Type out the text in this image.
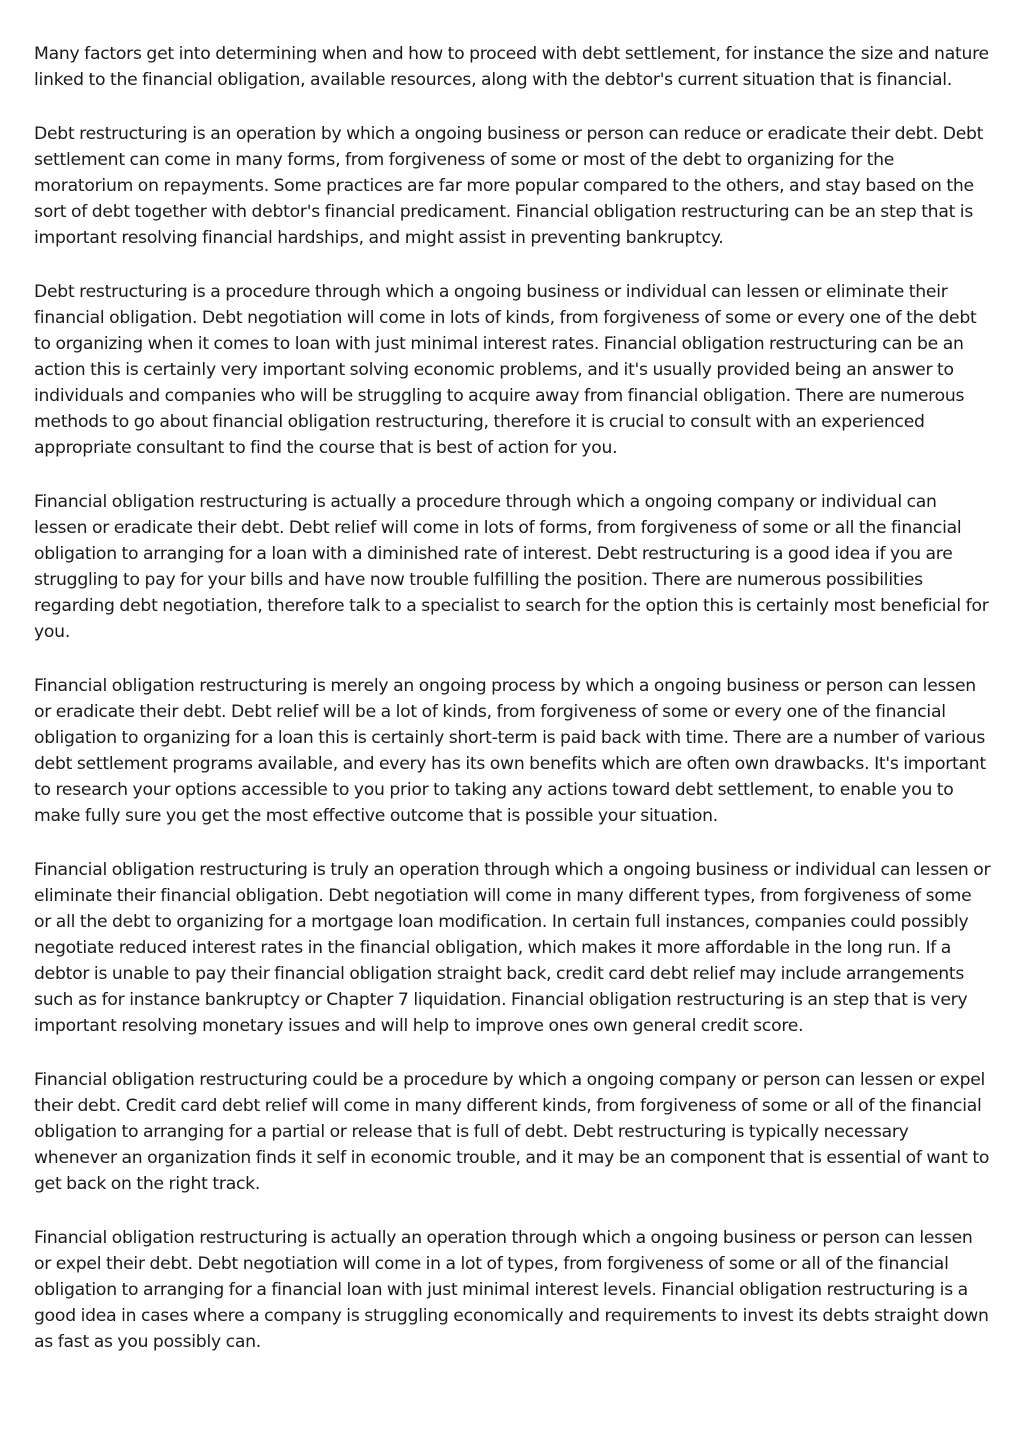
Many factors get into determining when and how to proceed with debt settlement, for instance the size and nature linked to the financial obligation, available resources, along with the debtor's current situation that is financial.

Debt restructuring is an operation by which a ongoing business or person can reduce or eradicate their debt. Debt settlement can come in many forms, from forgiveness of some or most of the debt to organizing for the moratorium on repayments. Some practices are far more popular compared to the others, and stay based on the sort of debt together with debtor's financial predicament. Financial obligation restructuring can be an step that is important resolving financial hardships, and might assist in preventing bankruptcy.

Debt restructuring is a procedure through which a ongoing business or individual can lessen or eliminate their financial obligation. Debt negotiation will come in lots of kinds, from forgiveness of some or every one of the debt to organizing when it comes to loan with just minimal interest rates. Financial obligation restructuring can be an action this is certainly very important solving economic problems, and it's usually provided being an answer to individuals and companies who will be struggling to acquire away from financial obligation. There are numerous methods to go about financial obligation restructuring, therefore it is crucial to consult with an experienced appropriate consultant to find the course that is best of action for you.

Financial obligation restructuring is actually a procedure through which a ongoing company or individual can lessen or eradicate their debt. Debt relief will come in lots of forms, from forgiveness of some or all the financial obligation to arranging for a loan with a diminished rate of interest. Debt restructuring is a good idea if you are struggling to pay for your bills and have now trouble fulfilling the position. There are numerous possibilities regarding debt negotiation, therefore talk to a specialist to search for the option this is certainly most beneficial for you.

Financial obligation restructuring is merely an ongoing process by which a ongoing business or person can lessen or eradicate their debt. Debt relief will be a lot of kinds, from forgiveness of some or every one of the financial obligation to organizing for a loan this is certainly short-term is paid back with time. There are a number of various debt settlement programs available, and every has its own benefits which are often own drawbacks. It's important to research your options accessible to you prior to taking any actions toward debt settlement, to enable you to make fully sure you get the most effective outcome that is possible your situation.

Financial obligation restructuring is truly an operation through which a ongoing business or individual can lessen or eliminate their financial obligation. Debt negotiation will come in many different types, from forgiveness of some or all the debt to organizing for a mortgage loan modification. In certain full instances, companies could possibly negotiate reduced interest rates in the financial obligation, which makes it more affordable in the long run. If a debtor is unable to pay their financial obligation straight back, credit card debt relief may include arrangements such as for instance bankruptcy or Chapter 7 liquidation. Financial obligation restructuring is an step that is very important resolving monetary issues and will help to improve ones own general credit score.

Financial obligation restructuring could be a procedure by which a ongoing company or person can lessen or expel their debt. Credit card debt relief will come in many different kinds, from forgiveness of some or all of the financial obligation to arranging for a partial or release that is full of debt. Debt restructuring is typically necessary whenever an organization finds it self in economic trouble, and it may be an component that is essential of want to get back on the right track.

Financial obligation restructuring is actually an operation through which a ongoing business or person can lessen or expel their debt. Debt negotiation will come in a lot of types, from forgiveness of some or all of the financial obligation to arranging for a financial loan with just minimal interest levels. Financial obligation restructuring is a good idea in cases where a company is struggling economically and requirements to invest its debts straight down as fast as you possibly can.
